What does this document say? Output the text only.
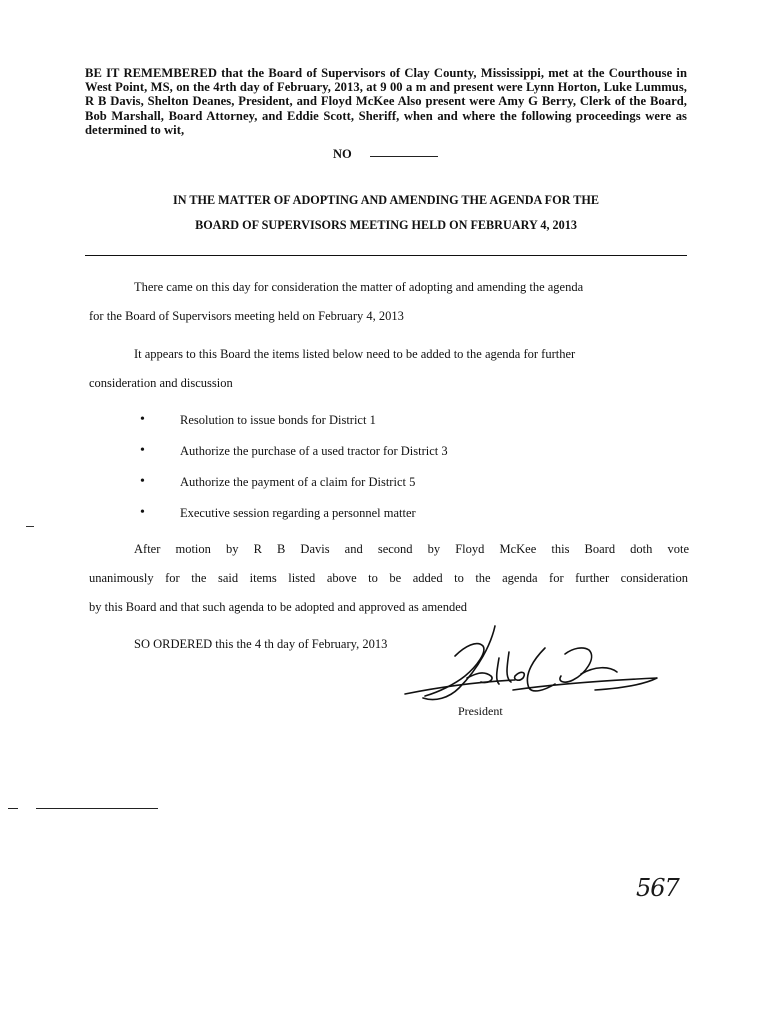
BE IT REMEMBERED that the Board of Supervisors of Clay County, Mississippi, met at the Courthouse in West Point, MS, on the 4rth day of February, 2013, at 9 00 a m and present were Lynn Horton, Luke Lummus, R B Davis, Shelton Deanes, President, and Floyd McKee Also present were Amy G Berry, Clerk of the Board, Bob Marshall, Board Attorney, and Eddie Scott, Sheriff, when and where the following proceedings were as determined to wit,
NO
IN THE MATTER OF ADOPTING AND AMENDING THE AGENDA FOR THE
BOARD OF SUPERVISORS MEETING HELD ON FEBRUARY 4, 2013
There came on this day for consideration the matter of adopting and amending the agenda
for the Board of Supervisors meeting held on February 4, 2013
It appears to this Board the items listed below need to be added to the agenda for further
consideration and discussion
• Resolution to issue bonds for District 1
• Authorize the purchase of a used tractor for District 3
• Authorize the payment of a claim for District 5
• Executive session regarding a personnel matter
After motion by R B Davis and second by Floyd McKee this Board doth vote
unanimously for the said items listed above to be added to the agenda for further consideration
by this Board and that such agenda to be adopted and approved as amended
SO ORDERED this the 4 th day of February, 2013
President
567
